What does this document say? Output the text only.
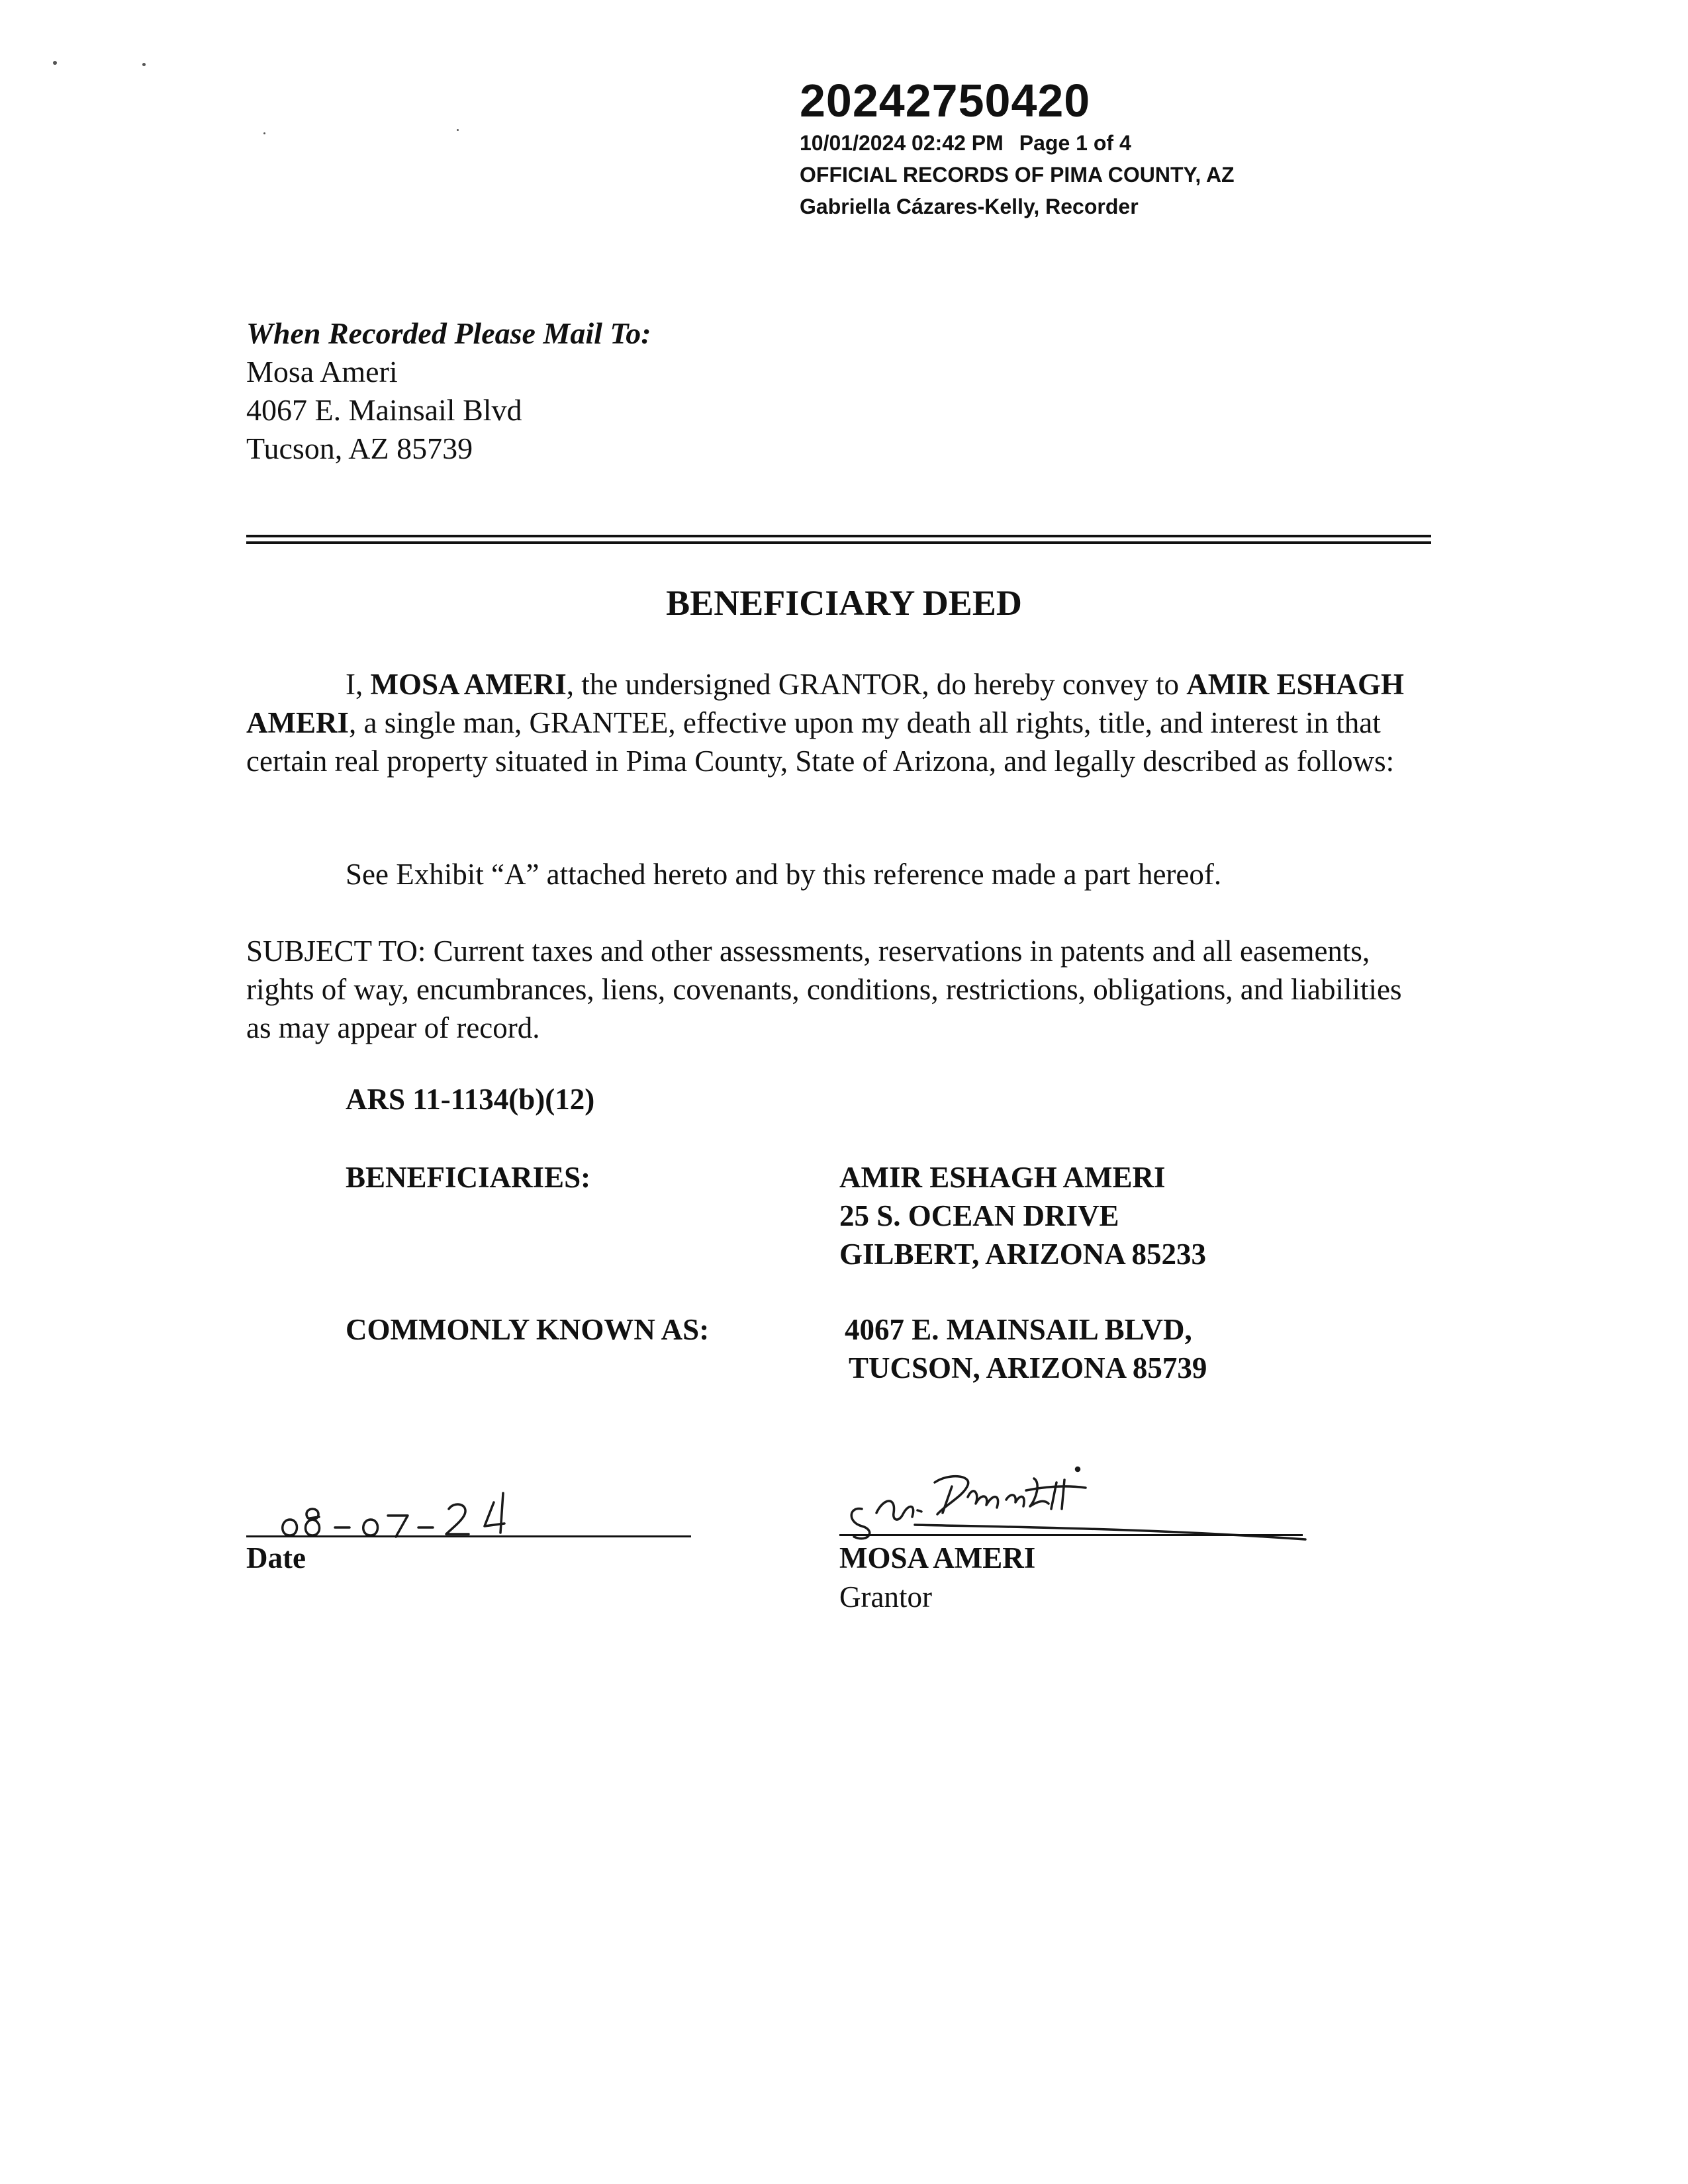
20242750420
10/01/2024 02:42 PM Page 1 of 4
OFFICIAL RECORDS OF PIMA COUNTY, AZ
Gabriella Cázares-Kelly, Recorder
When Recorded Please Mail To:
Mosa Ameri
4067 E. Mainsail Blvd
Tucson, AZ 85739
BENEFICIARY DEED
I, MOSA AMERI, the undersigned GRANTOR, do hereby convey to AMIR ESHAGH AMERI, a single man, GRANTEE, effective upon my death all rights, title, and interest in that certain real property situated in Pima County, State of Arizona, and legally described as follows:
See Exhibit “A” attached hereto and by this reference made a part hereof.
SUBJECT TO: Current taxes and other assessments, reservations in patents and all easements, rights of way, encumbrances, liens, covenants, conditions, restrictions, obligations, and liabilities as may appear of record.
ARS 11-1134(b)(12)
BENEFICIARIES:	AMIR ESHAGH AMERI
25 S. OCEAN DRIVE
GILBERT, ARIZONA 85233
COMMONLY KNOWN AS:	4067 E. MAINSAIL BLVD,
TUCSON, ARIZONA 85739
Date	MOSA AMERI
Grantor
